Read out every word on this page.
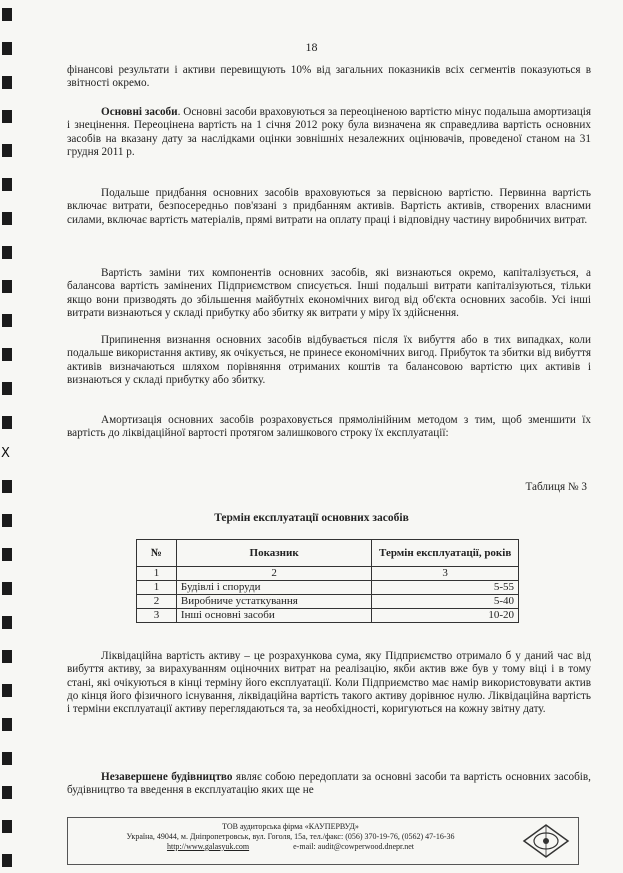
X
18

фінансові результати і активи перевищують 10% від загальних показників всіх сегментів показуються в звітності окремо.

Основні засоби. Основні засоби враховуються за переоціненою вартістю мінус подальша амортизація і знецінення. Переоцінена вартість на 1 січня 2012 року була визначена як справедлива вартість основних засобів на вказану дату за наслідками оцінки зовнішніх незалежних оцінювачів, проведеної станом на 31 грудня 2011 р.

Подальше придбання основних засобів враховуються за первісною вартістю. Первинна вартість включає витрати, безпосередньо пов'язані з придбанням активів. Вартість активів, створених власними силами, включає вартість матеріалів, прямі витрати на оплату праці і відповідну частину виробничих витрат.

Вартість заміни тих компонентів основних засобів, які визнаються окремо, капіталізується, а балансова вартість замінених Підприємством списується. Інші подальші витрати капіталізуються, тільки якщо вони призводять до збільшення майбутніх економічних вигод від об'єкта основних засобів. Усі інші витрати визнаються у складі прибутку або збитку як витрати у міру їх здійснення.

Припинення визнання основних засобів відбувається після їх вибуття або в тих випадках, коли подальше використання активу, як очікується, не принесе економічних вигод. Прибуток та збитки від вибуття активів визначаються шляхом порівняння отриманих коштів та балансовою вартістю цих активів і визнаються у складі прибутку або збитку.

Амортизація основних засобів розраховується прямолінійним методом з тим, щоб зменшити їх вартість до ліквідаційної вартості протягом залишкового строку їх експлуатації:

Таблиця № 3
Термін експлуатації основних засобів
№	Показник	Термін експлуатації, років
1	2	3
1	Будівлі і споруди	5-55
2	Виробниче устаткування	5-40
3	Інші основні засоби	10-20

Ліквідаційна вартість активу – це розрахункова сума, яку Підприємство отримало б у даний час від вибуття активу, за вирахуванням оціночних витрат на реалізацію, якби актив вже був у тому віці і в тому стані, які очікуються в кінці терміну його експлуатації. Коли Підприємство має намір використовувати актив до кінця його фізичного існування, ліквідаційна вартість такого активу дорівнює нулю. Ліквідаційна вартість і терміни експлуатації активу переглядаються та, за необхідності, коригуються на кожну звітну дату.

Незавершене будівництво являє собою передоплати за основні засоби та вартість основних засобів, будівництво та введення в експлуатацію яких ще не

ТОВ аудиторська фірма «КАУПЕРВУД»
Україна, 49044, м. Дніпропетровськ, вул. Гоголя, 15а, тел./факс: (056) 370-19-76, (0562) 47-16-36
http://www.galasyuk.com	e-mail: audit@cowperwood.dnepr.net
